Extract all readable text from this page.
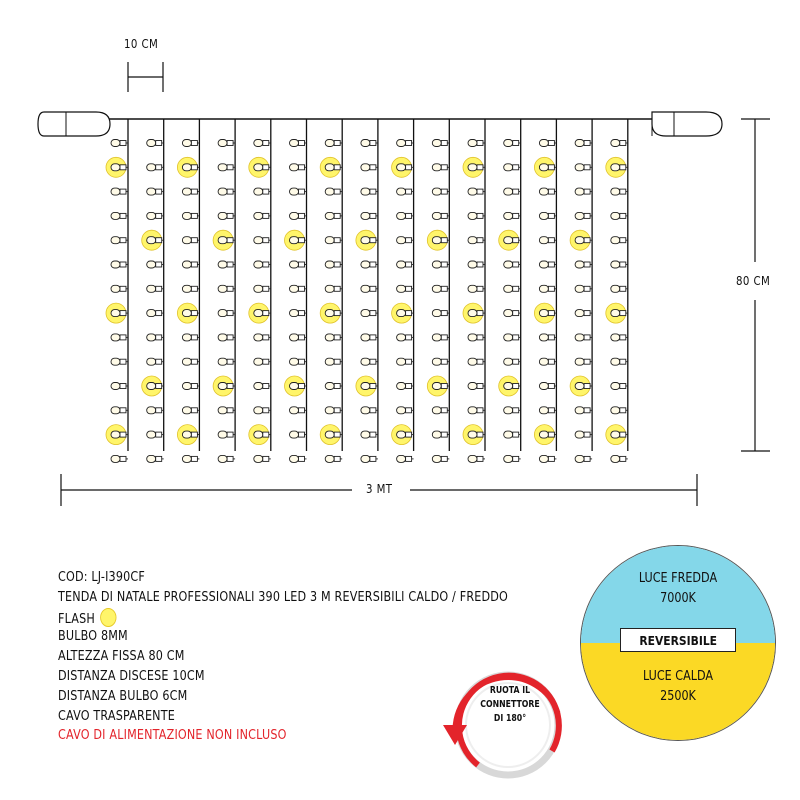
10 CM
80 CM
3 MT
COD: LJ-I390CF
TENDA DI NATALE PROFESSIONALI 390 LED 3 M REVERSIBILI CALDO / FREDDO
FLASH
BULBO 8MM
ALTEZZA FISSA 80 CM
DISTANZA DISCESE 10CM
DISTANZA BULBO 6CM
CAVO TRASPARENTE
CAVO DI ALIMENTAZIONE NON INCLUSO
RUOTA IL
CONNETTORE
DI 180°
LUCE FREDDA
7000K
REVERSIBILE
LUCE CALDA
2500K
